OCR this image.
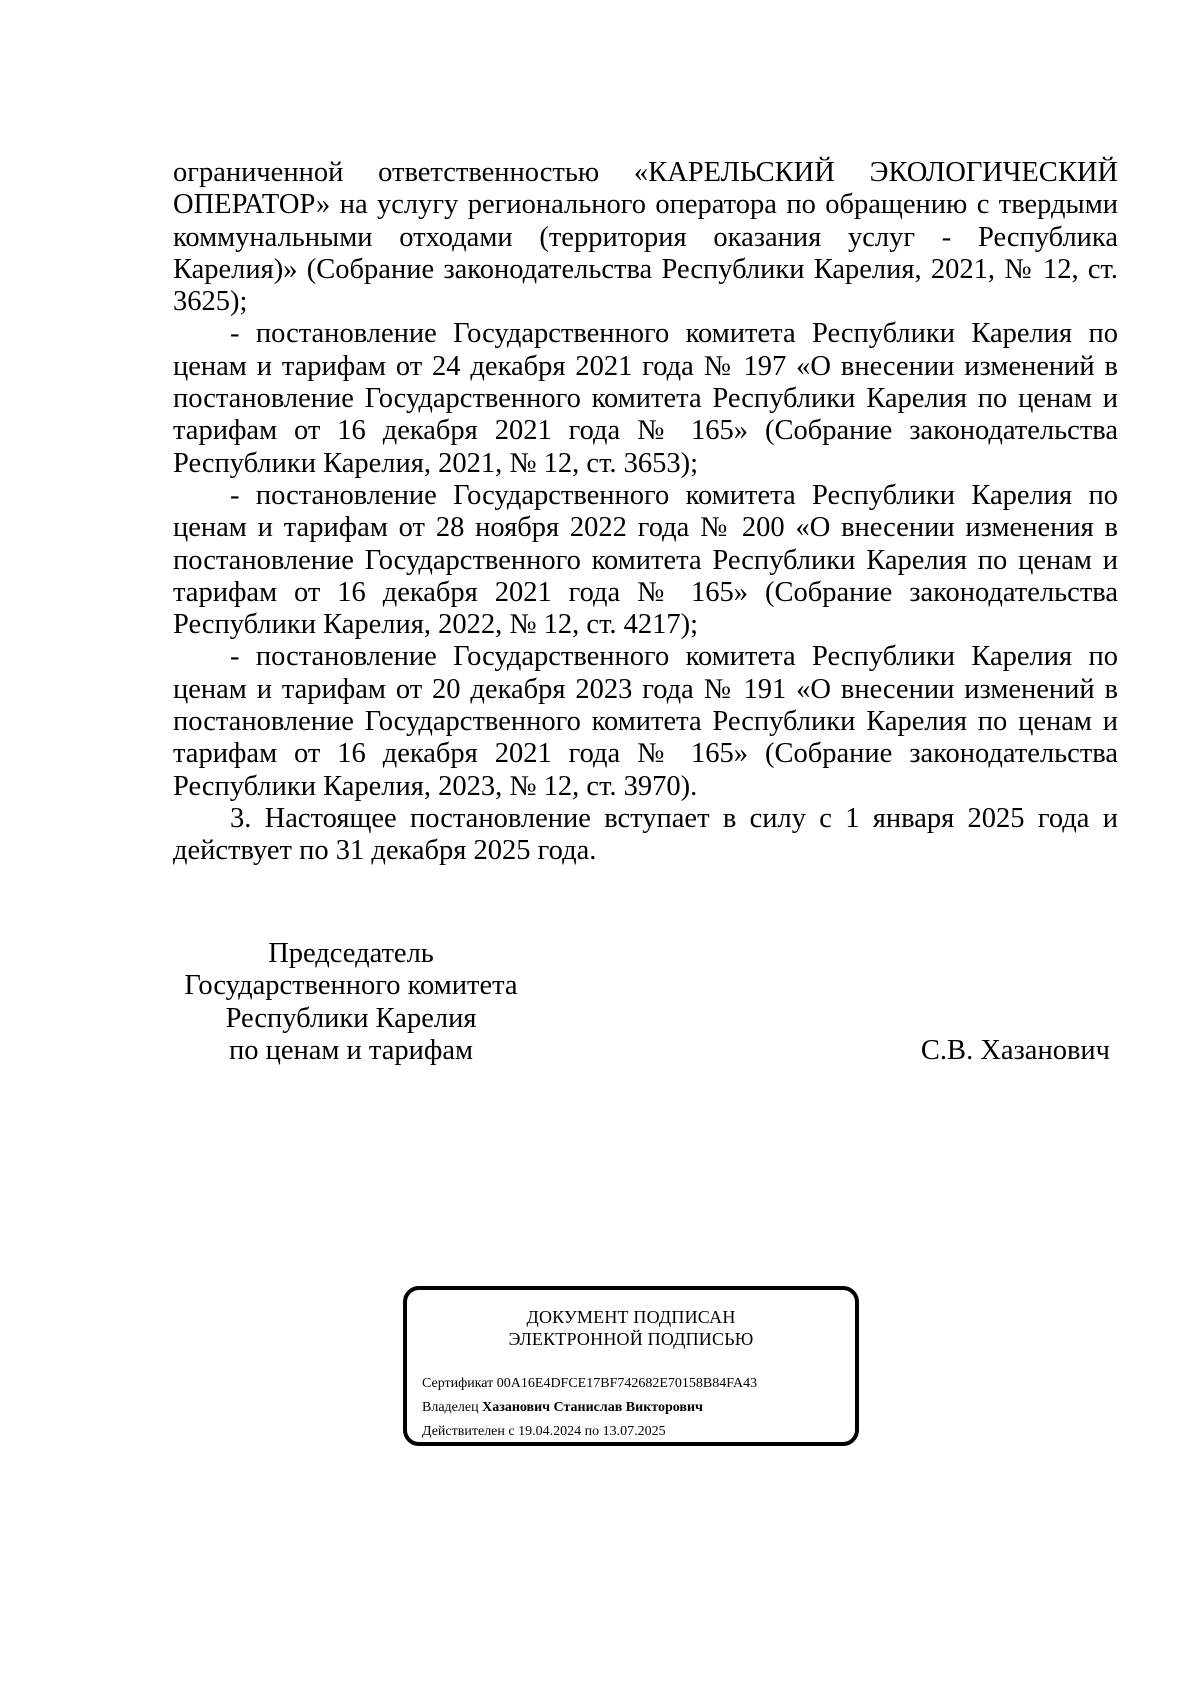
ограниченной ответственностью «КАРЕЛЬСКИЙ ЭКОЛОГИЧЕСКИЙ ОПЕРАТОР» на услугу регионального оператора по обращению с твердыми коммунальными отходами (территория оказания услуг - Республика Карелия)» (Собрание законодательства Республики Карелия, 2021, № 12, ст. 3625);

- постановление Государственного комитета Республики Карелия по ценам и тарифам от 24 декабря 2021 года № 197 «О внесении изменений в постановление Государственного комитета Республики Карелия по ценам и тарифам от 16 декабря 2021 года № 165» (Собрание законодательства Республики Карелия, 2021, № 12, ст. 3653);

- постановление Государственного комитета Республики Карелия по ценам и тарифам от 28 ноября 2022 года № 200 «О внесении изменения в постановление Государственного комитета Республики Карелия по ценам и тарифам от 16 декабря 2021 года № 165» (Собрание законодательства Республики Карелия, 2022, № 12, ст. 4217);

- постановление Государственного комитета Республики Карелия по ценам и тарифам от 20 декабря 2023 года № 191 «О внесении изменений в постановление Государственного комитета Республики Карелия по ценам и тарифам от 16 декабря 2021 года № 165» (Собрание законодательства Республики Карелия, 2023, № 12, ст. 3970).

3. Настоящее постановление вступает в силу с 1 января 2025 года и действует по 31 декабря 2025 года.

Председатель
Государственного комитета
Республики Карелия
по ценам и тарифам	С.В. Хазанович
ДОКУМЕНТ ПОДПИСАН
ЭЛЕКТРОННОЙ ПОДПИСЬЮ
Сертификат 00A16E4DFCE17BF742682E70158B84FA43
Владелец Хазанович Станислав Викторович
Действителен с 19.04.2024 по 13.07.2025
